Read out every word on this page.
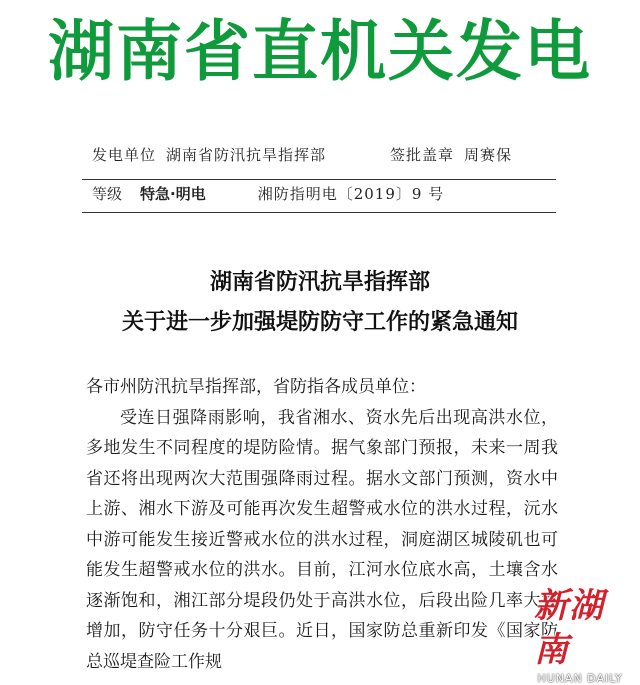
湖南省直机关发电
发电单位 湖南省防汛抗旱指挥部	签批盖章 周赛保
等级 特急·明电	湘防指明电〔2019〕9 号
湖南省防汛抗旱指挥部
关于进一步加强堤防防守工作的紧急通知

各市州防汛抗旱指挥部，省防指各成员单位：

受连日强降雨影响，我省湘水、资水先后出现高洪水位，多地发生不同程度的堤防险情。据气象部门预报，未来一周我省还将出现两次大范围强降雨过程。据水文部门预测，资水中上游、湘水下游及可能再次发生超警戒水位的洪水过程，沅水中游可能发生接近警戒水位的洪水过程，洞庭湖区城陵矶也可能发生超警戒水位的洪水。目前，江河水位底水高，土壤含水逐渐饱和，湘江部分堤段仍处于高洪水位，后段出险几率大大增加，防守任务十分艰巨。近日，国家防总重新印发《国家防总巡堤查险工作规

新湖南
HUNAN DAILY
